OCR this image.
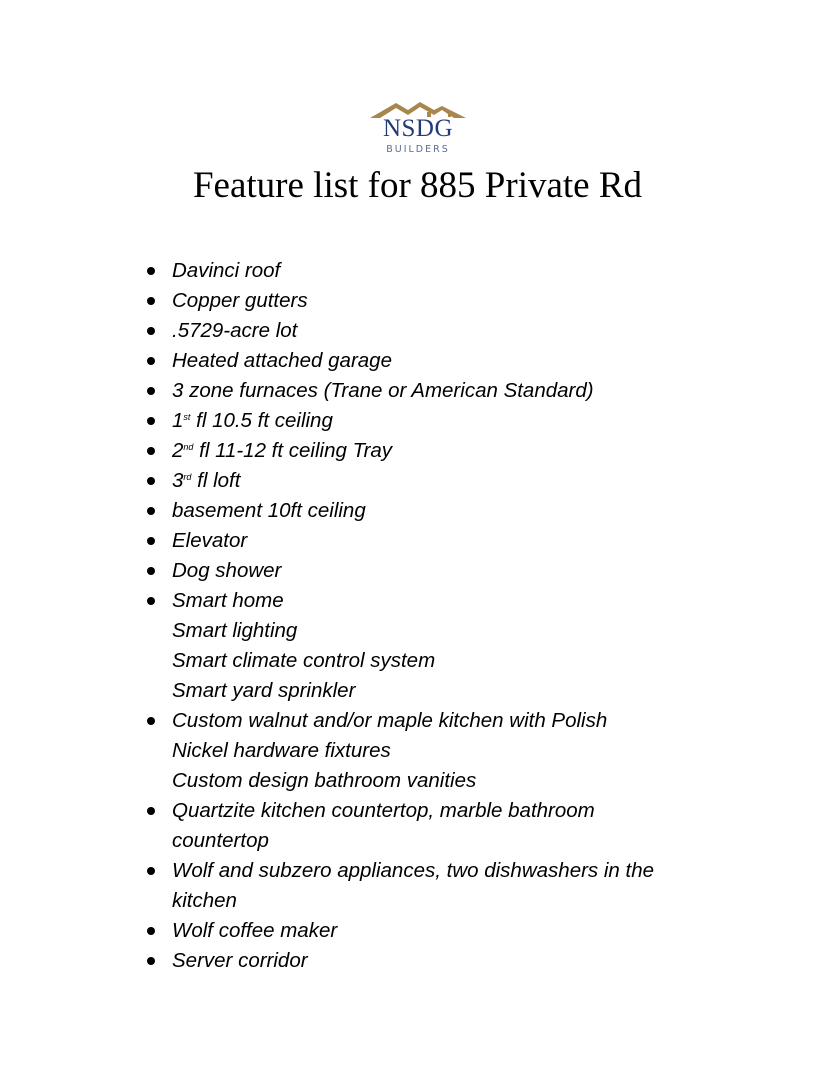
NSDG
BUILDERS
Feature list for 885 Private Rd
Davinci roof
Copper gutters
.5729-acre lot
Heated attached garage
3 zone furnaces (Trane or American Standard)
1st fl 10.5 ft ceiling
2nd fl 11-12 ft ceiling Tray
3rd fl loft
basement 10ft ceiling
Elevator
Dog shower
Smart home
Smart lighting
Smart climate control system
Smart yard sprinkler
Custom walnut and/or maple kitchen with Polish
Nickel hardware fixtures
Custom design bathroom vanities
Quartzite kitchen countertop, marble bathroom
countertop
Wolf and subzero appliances, two dishwashers in the
kitchen
Wolf coffee maker
Server corridor
